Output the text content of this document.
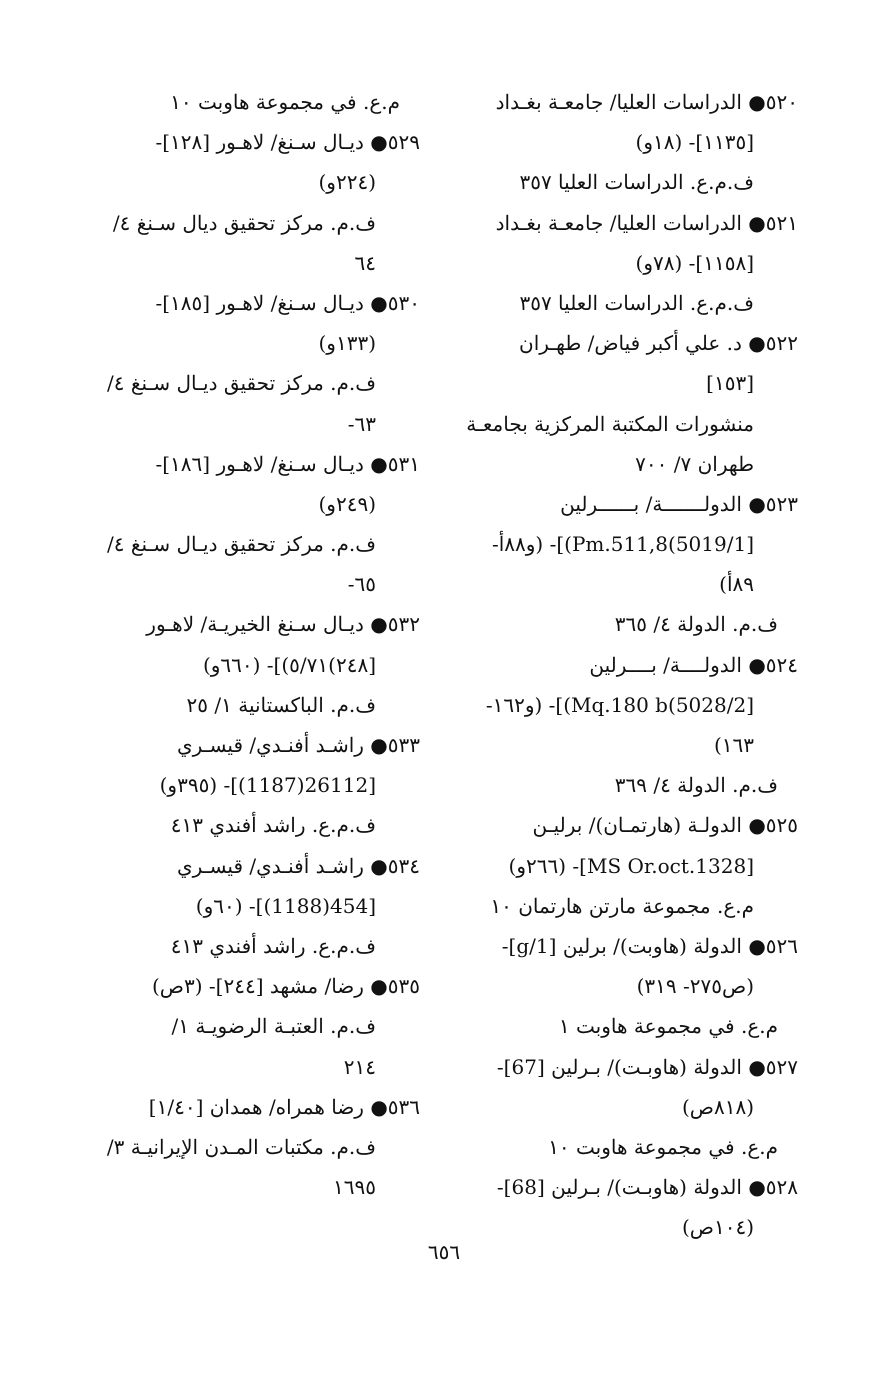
٥٢٠● الدراسات العليا/ جامعـة بغـداد
[١١٣٥]- (١٨و)
ف.م.ع. الدراسات العليا ٣٥٧
٥٢١● الدراسات العليا/ جامعـة بغـداد
[١١٥٨]- (٧٨و)
ف.م.ع. الدراسات العليا ٣٥٧
٥٢٢● د. علي أكبر فياض/ طهـران
[١٥٣]
منشورات المكتبة المركزية بجامعـة
طهران ٧/ ٧٠٠
٥٢٣● الدولـــــــة/ بــــــرلين
[5019/1)Pm.511,8)]- (و٨٨أ-
٨٩أ)
ف.م. الدولة ٤/ ٣٦٥
٥٢٤● الدولــــة/ بــــرلين
[5028/2)Mq.180 b)]- (و١٦٢-
١٦٣)
ف.م. الدولة ٤/ ٣٦٩
٥٢٥● الدولـة (هارتمـان)/ برليـن
[MS Or.oct.1328]- (٢٦٦و)
م.ع. مجموعة مارتن هارتمان ١٠
٥٢٦● الدولة (هاوبت)/ برلين [1/g]-
(ص٢٧٥- ٣١٩)
م.ع. في مجموعة هاوبت ١
٥٢٧● الدولة (هاوبـت)/ بـرلين [67]-
(٨١٨ص)
م.ع. في مجموعة هاوبت ١٠
٥٢٨● الدولة (هاوبـت)/ بـرلين [68]-
(١٠٤ص)
م.ع. في مجموعة هاوبت ١٠
٥٢٩● ديـال سـنغ/ لاهـور [١٢٨]-
(٢٢٤و)
ف.م. مركز تحقيق ديال سـنغ ٤/
٦٤
٥٣٠● ديـال سـنغ/ لاهـور [١٨٥]-
(١٣٣و)
ف.م. مركز تحقيق ديـال سـنغ ٤/
٦٣-
٥٣١● ديـال سـنغ/ لاهـور [١٨٦]-
(٢٤٩و)
ف.م. مركز تحقيق ديـال سـنغ ٤/
٦٥-
٥٣٢● ديـال سـنغ الخيريـة/ لاهـور
[٢٤٨)٥/٧١)]- (٦٦٠و)
ف.م. الباكستانية ١/ ٢٥
٥٣٣● راشـد أفنـدي/ قيسـري
[26112(1187)]- (٣٩٥و)
ف.م.ع. راشد أفندي ٤١٣
٥٣٤● راشـد أفنـدي/ قيسـري
[454(1188)]- (٦٠و)
ف.م.ع. راشد أفندي ٤١٣
٥٣٥● رضا/ مشهد [٢٤٤]- (٣ص)
ف.م. العتبـة الرضويـة ١/
٢١٤
٥٣٦● رضا همراه/ همدان [١/٤٠]
ف.م. مكتبات المـدن الإيرانيـة ٣/
١٦٩٥
٦٥٦
